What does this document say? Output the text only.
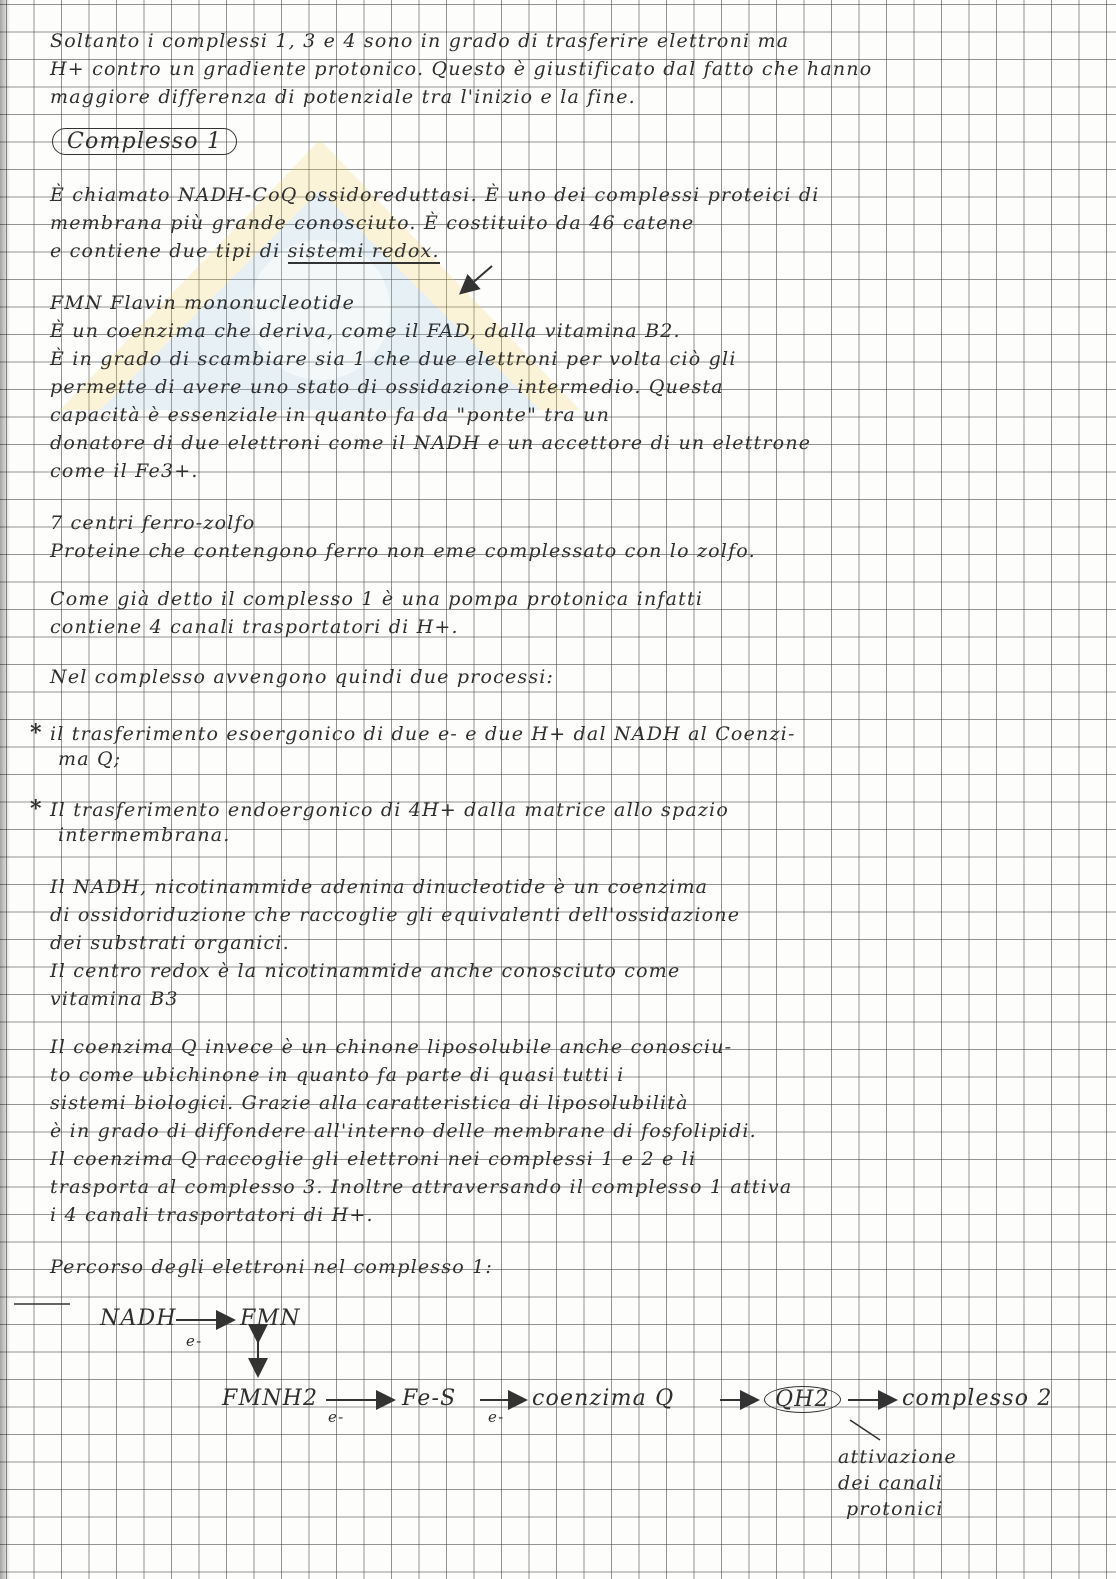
Soltanto i complessi 1, 3 e 4 sono in grado di trasferire elettroni ma

H+ contro un gradiente protonico. Questo è giustificato dal fatto che hanno

maggiore differenza di potenziale tra l'inizio e la fine.

Complesso 1

È chiamato NADH-CoQ ossidoreduttasi. È uno dei complessi proteici di

membrana più grande conosciuto. È costituito da 46 catene

e contiene due tipi di sistemi redox.

FMN Flavin mononucleotide

È un coenzima che deriva, come il FAD, dalla vitamina B2.

È in grado di scambiare sia 1 che due elettroni per volta ciò gli

permette di avere uno stato di ossidazione intermedio. Questa

capacità è essenziale in quanto fa da "ponte" tra un

donatore di due elettroni come il NADH e un accettore di un elettrone

come il Fe3+.

7 centri ferro-zolfo

Proteine che contengono ferro non eme complessato con lo zolfo.

Come già detto il complesso 1 è una pompa protonica infatti

contiene 4 canali trasportatori di H+.

Nel complesso avvengono quindi due processi:

* il trasferimento esoergonico di due e- e due H+ dal NADH al Coenzi-

ma Q;

* Il trasferimento endoergonico di 4H+ dalla matrice allo spazio

intermembrana.

Il NADH, nicotinammide adenina dinucleotide è un coenzima

di ossidoriduzione che raccoglie gli equivalenti dell'ossidazione

dei substrati organici.

Il centro redox è la nicotinammide anche conosciuto come

vitamina B3

Il coenzima Q invece è un chinone liposolubile anche conosciu-

to come ubichinone in quanto fa parte di quasi tutti i

sistemi biologici. Grazie alla caratteristica di liposolubilità

è in grado di diffondere all'interno delle membrane di fosfolipidi.

Il coenzima Q raccoglie gli elettroni nei complessi 1 e 2 e li

trasporta al complesso 3. Inoltre attraversando il complesso 1 attiva

i 4 canali trasportatori di H+.

Percorso degli elettroni nel complesso 1:

NADH	FMN

e-

FMNH2

e-

Fe-S

e-

coenzima Q	QH2	complesso 2

attivazione

dei canali

protonici
